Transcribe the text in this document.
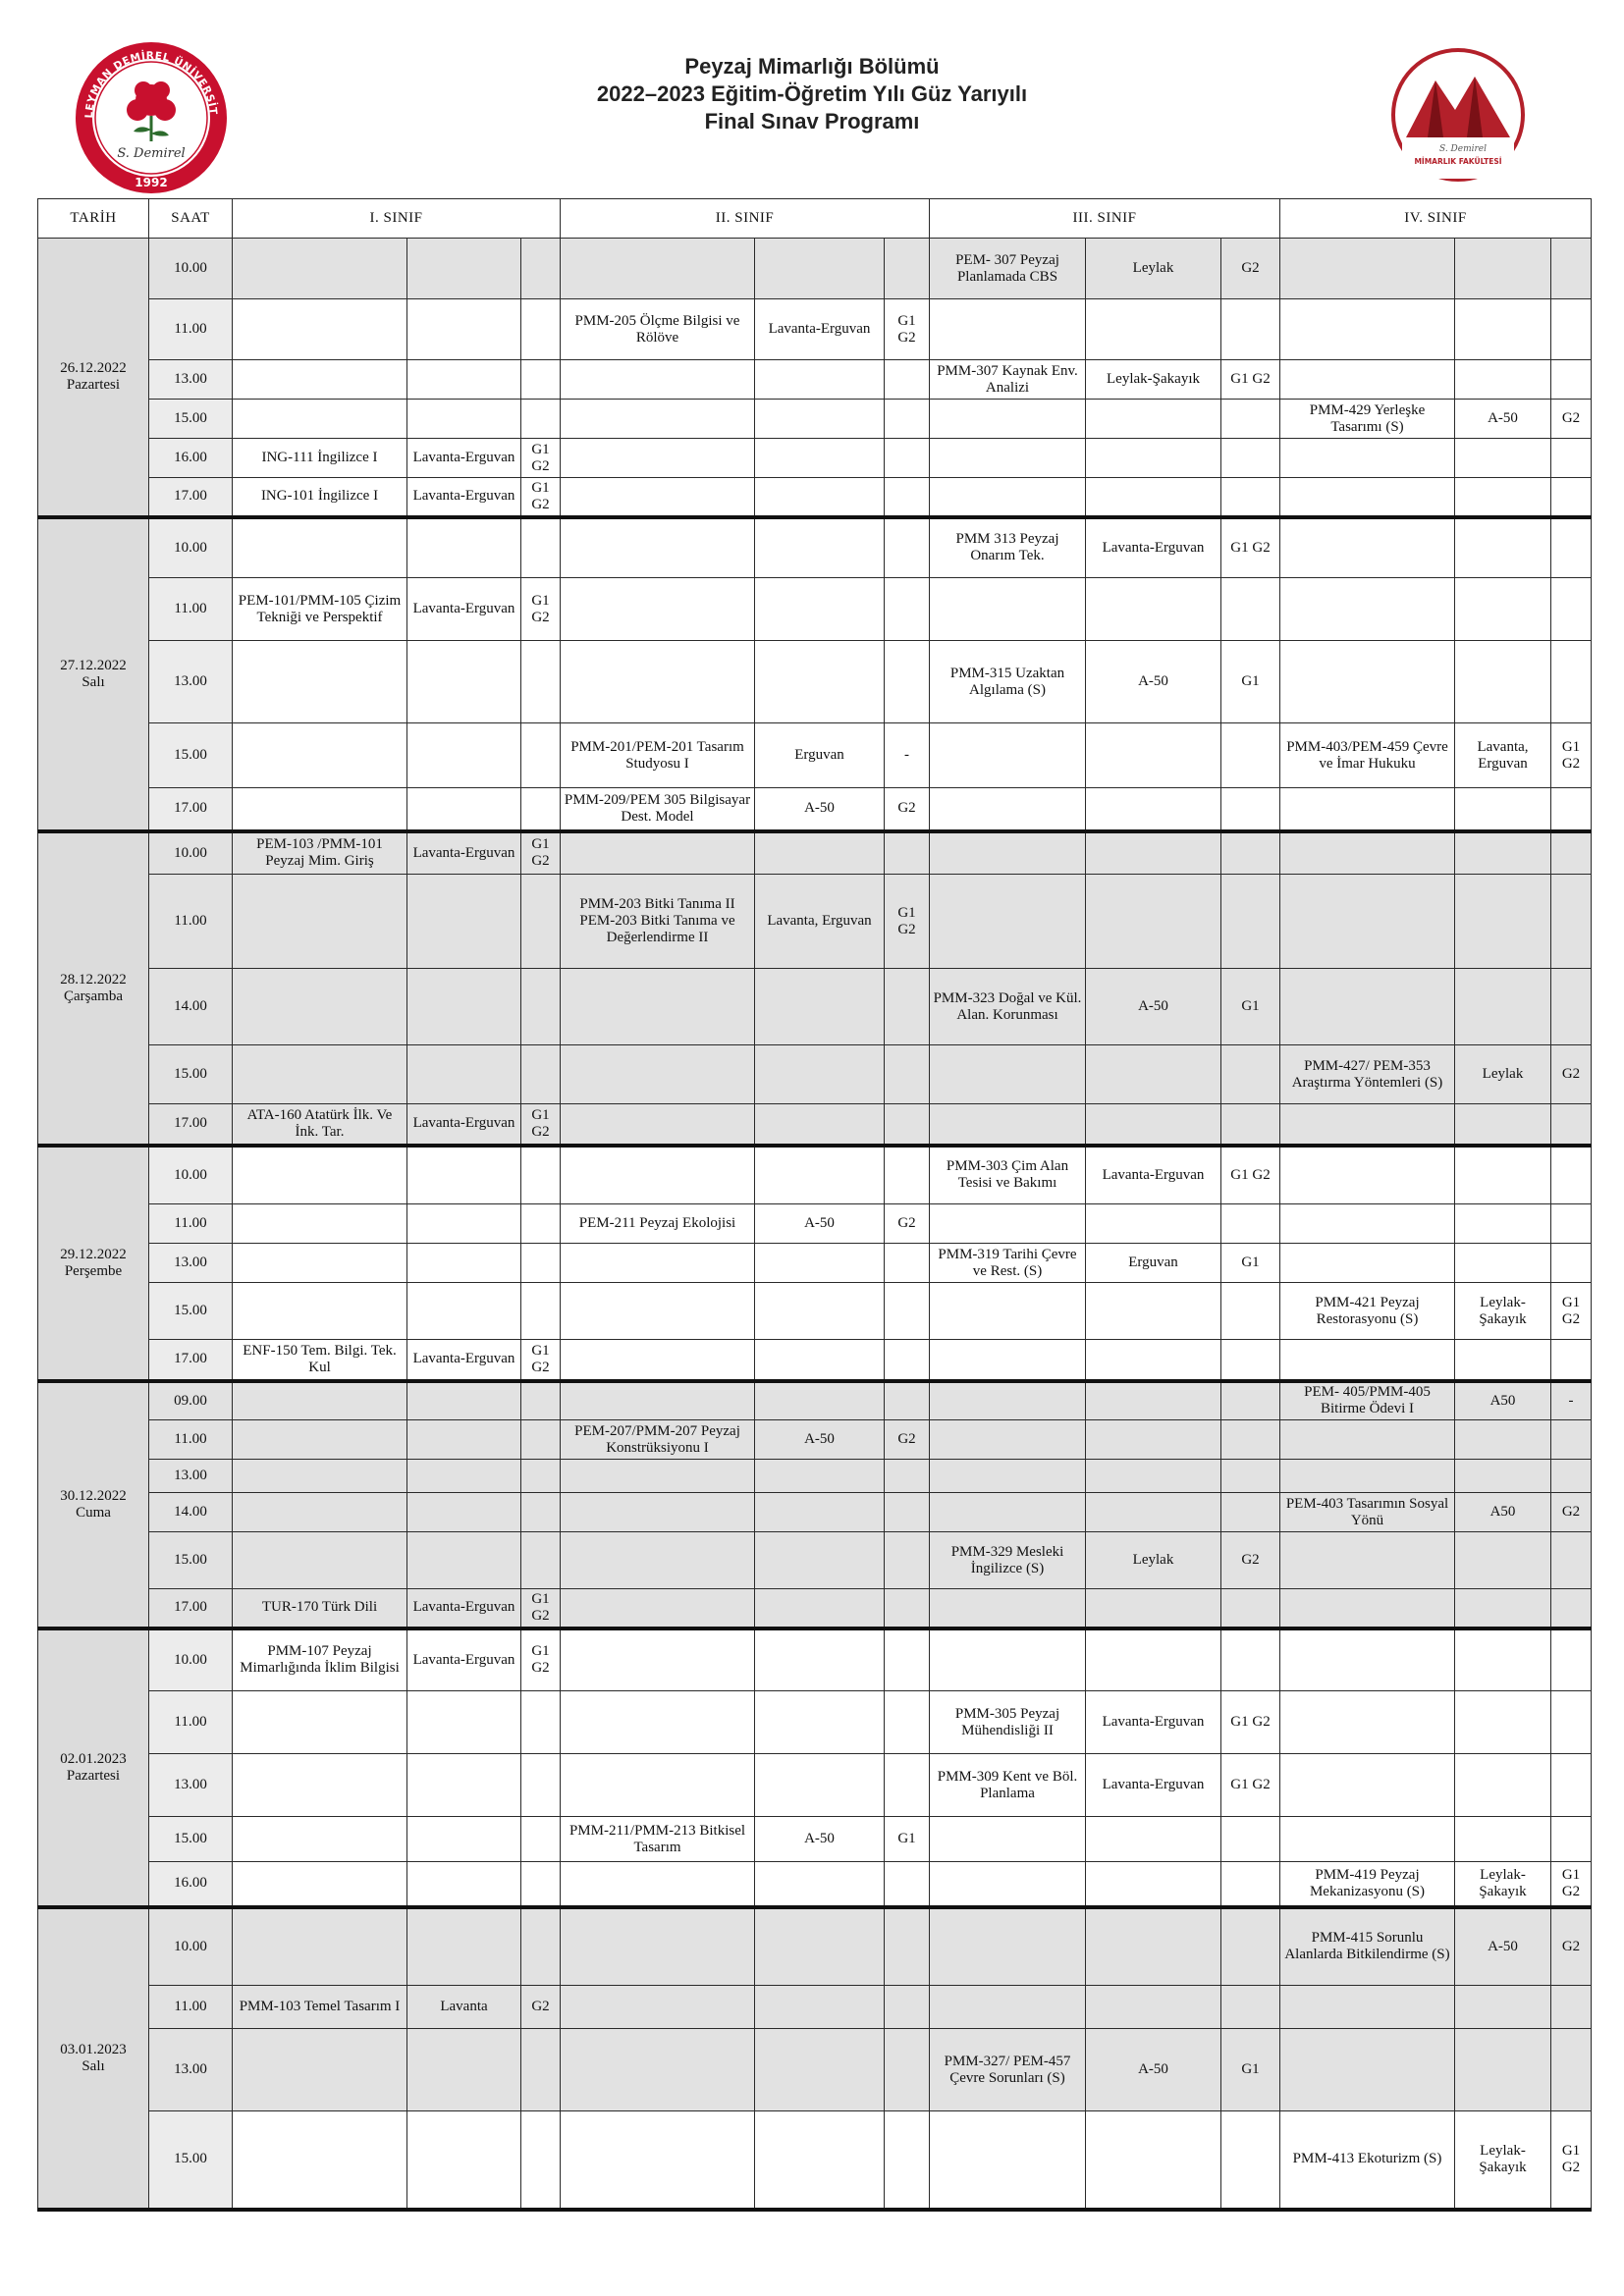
Peyzaj Mimarlığı Bölümü
2022–2023 Eğitim-Öğretim Yılı Güz Yarıyılı
Final Sınav Programı
LEYMAN DEMİREL ÜNİVERSİT
S. Demirel
1992
S. Demirel
MİMARLIK FAKÜLTESİ
TARİH	SAAT	I. SINIF			II. SINIF			III. SINIF			IV. SINIF		

26.12.2022
Pazartesi	10.00							PEM- 307 Peyzaj Planlamada CBS	Leylak	G2			
	11.00				PMM-205 Ölçme Bilgisi ve Rölöve	Lavanta-Erguvan	G1 G2						
	13.00							PMM-307 Kaynak Env. Analizi	Leylak-Şakayık	G1 G2			
	15.00										PMM-429 Yerleşke Tasarımı (S)	A-50	G2
	16.00	ING-111 İngilizce I	Lavanta-Erguvan	G1 G2									
	17.00	ING-101 İngilizce I	Lavanta-Erguvan	G1 G2									

27.12.2022
Salı	10.00							PMM 313 Peyzaj Onarım Tek.	Lavanta-Erguvan	G1 G2			
	11.00	PEM-101/PMM-105 Çizim Tekniği ve Perspektif	Lavanta-Erguvan	G1 G2									
	13.00							PMM-315 Uzaktan Algılama (S)	A-50	G1			
	15.00				PMM-201/PEM-201 Tasarım Studyosu I	Erguvan	-				PMM-403/PEM-459 Çevre ve İmar Hukuku	Lavanta, Erguvan	G1 G2
	17.00				PMM-209/PEM 305 Bilgisayar Dest. Model	A-50	G2						

28.12.2022
Çarşamba	10.00	PEM-103 /PMM-101 Peyzaj Mim. Giriş	Lavanta-Erguvan	G1 G2									
	11.00				PMM-203 Bitki Tanıma II PEM-203 Bitki Tanıma ve Değerlendirme II	Lavanta, Erguvan	G1 G2						
	14.00							PMM-323 Doğal ve Kül. Alan. Korunması	A-50	G1			
	15.00										PMM-427/ PEM-353 Araştırma Yöntemleri (S)	Leylak	G2
	17.00	ATA-160 Atatürk İlk. Ve İnk. Tar.	Lavanta-Erguvan	G1 G2									

29.12.2022
Perşembe	10.00							PMM-303 Çim Alan Tesisi ve Bakımı	Lavanta-Erguvan	G1 G2			
	11.00				PEM-211 Peyzaj Ekolojisi	A-50	G2						
	13.00							PMM-319 Tarihi Çevre ve Rest. (S)	Erguvan	G1			
	15.00										PMM-421 Peyzaj Restorasyonu (S)	Leylak-Şakayık	G1 G2
	17.00	ENF-150 Tem. Bilgi. Tek. Kul	Lavanta-Erguvan	G1 G2									

30.12.2022
Cuma	09.00										PEM- 405/PMM-405 Bitirme Ödevi I	A50	-
	11.00				PEM-207/PMM-207 Peyzaj Konstrüksiyonu I	A-50	G2						
	13.00												
	14.00										PEM-403 Tasarımın Sosyal Yönü	A50	G2
	15.00							PMM-329 Mesleki İngilizce (S)	Leylak	G2			
	17.00	TUR-170 Türk Dili	Lavanta-Erguvan	G1 G2									

02.01.2023
Pazartesi	10.00	PMM-107 Peyzaj Mimarlığında İklim Bilgisi	Lavanta-Erguvan	G1 G2									
	11.00							PMM-305 Peyzaj Mühendisliği II	Lavanta-Erguvan	G1 G2			
	13.00							PMM-309 Kent ve Böl. Planlama	Lavanta-Erguvan	G1 G2			
	15.00				PMM-211/PMM-213 Bitkisel Tasarım	A-50	G1						
	16.00										PMM-419 Peyzaj Mekanizasyonu (S)	Leylak-Şakayık	G1 G2

03.01.2023
Salı	10.00										PMM-415 Sorunlu Alanlarda Bitkilendirme (S)	A-50	G2
	11.00	PMM-103 Temel Tasarım I	Lavanta	G2									
	13.00							PMM-327/ PEM-457 Çevre Sorunları (S)	A-50	G1			
	15.00										PMM-413 Ekoturizm (S)	Leylak-Şakayık	G1 G2
